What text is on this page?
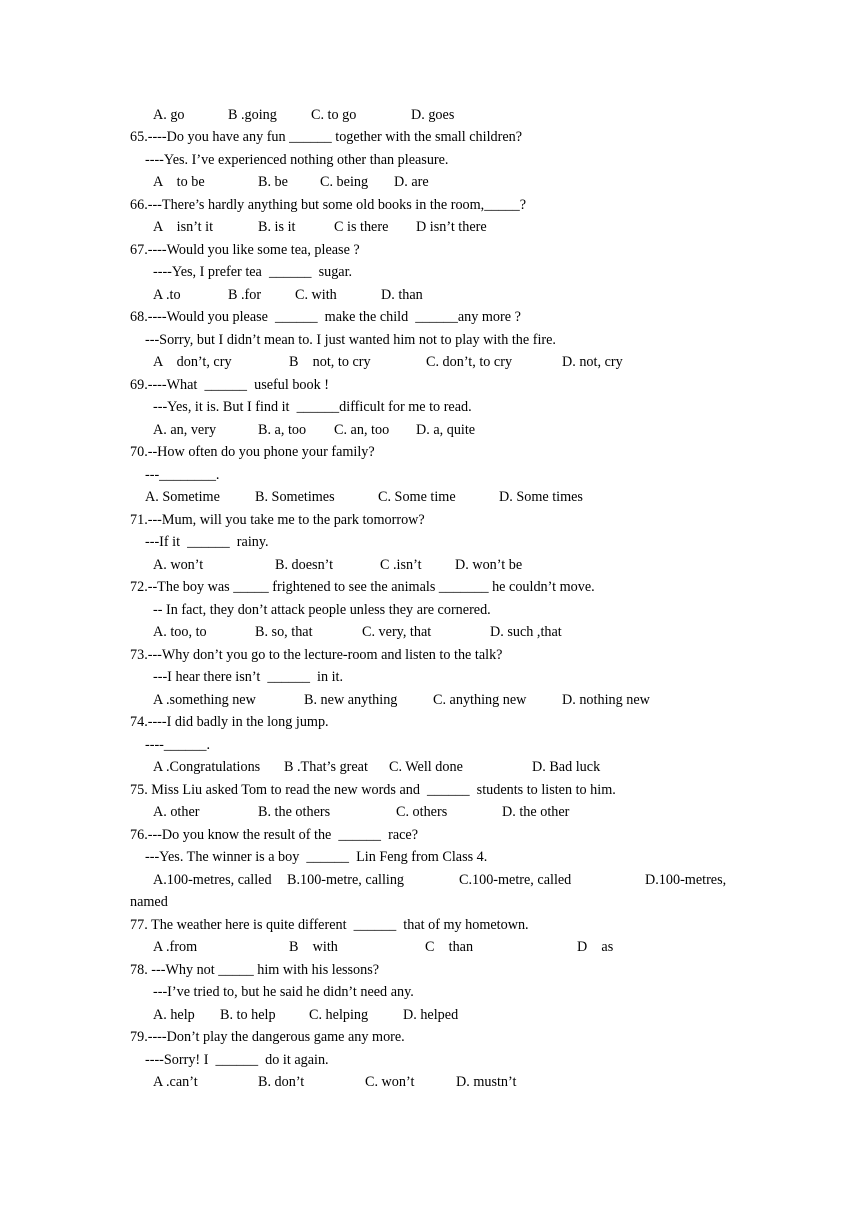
A. go	B .going C. to go	D. goes
65.----Do you have any fun ______ together with the small children?
----Yes. I’ve experienced nothing other than pleasure.
A    to be	B. be C. being D. are
66.---There’s hardly anything but some old books in the room,_____?
A    isn’t it	B. is it	C is there D isn’t there
67.----Would you like some tea, please ?
----Yes, I prefer tea  ______  sugar.
A .to	B .for C. with	D. than
68.----Would you please  ______  make the child  ______any more ?
---Sorry, but I didn’t mean to. I just wanted him not to play with the fire.
A    don’t, cry	B    not, to cry	C. don’t, to cry	D. not, cry
69.----What  ______  useful book !
---Yes, it is. But I find it  ______difficult for me to read.
A. an, very	B. a, too C. an, too D. a, quite
70.--How often do you phone your family?
---________.
A. Sometime B. Sometimes	C. Some time	D. Some times
71.---Mum, will you take me to the park tomorrow?
---If it  ______  rainy.
A. won’t	B. doesn’t	C .isn’t D. won’t be
72.--The boy was _____ frightened to see the animals _______ he couldn’t move.
-- In fact, they don’t attack people unless they are cornered.
A. too, to	B. so, that	C. very, that	D. such ,that
73.---Why don’t you go to the lecture-room and listen to the talk?
---I hear there isn’t  ______  in it.
A .something new	B. new anything	C. anything new	D. nothing new
74.----I did badly in the long jump.
----______.
A .Congratulations B .That’s great C. Well done	D. Bad luck
75. Miss Liu asked Tom to read the new words and  ______  students to listen to him.
A. other	B. the others	C. others	D. the other
76.---Do you know the result of the  ______  race?
---Yes. The winner is a boy  ______  Lin Feng from Class 4.
A.100-metres, called B.100-metre, calling	C.100-metre, called	D.100-metres,
named
77. The weather here is quite different  ______  that of my hometown.
A .from	B    with	C    than	D    as
78. ---Why not _____ him with his lessons?
---I’ve tried to, but he said he didn’t need any.
A. help B. to help C. helping D. helped
79.----Don’t play the dangerous game any more.
----Sorry! I  ______  do it again.
A .can’t	B. don’t	C. won’t	D. mustn’t
